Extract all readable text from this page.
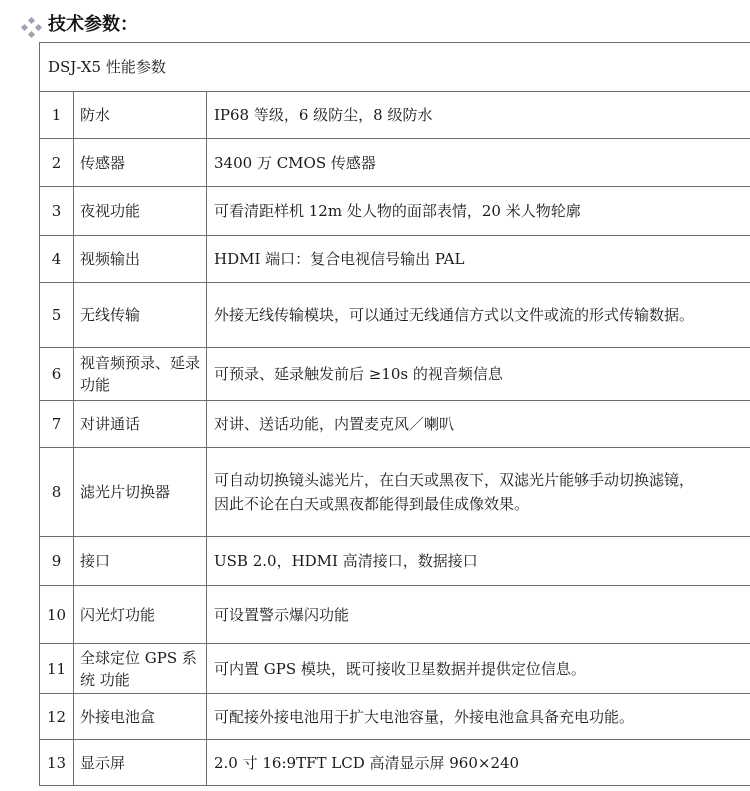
技术参数：
DSJ-X5 性能参数		
1	防水	IP68 等级，6 级防尘，8 级防水
2	传感器	3400 万 CMOS 传感器
3	夜视功能	可看清距样机 12m 处人物的面部表情，20 米人物轮廓
4	视频输出	HDMI 端口：复合电视信号输出 PAL
5	无线传输	外接无线传输模块，可以通过无线通信方式以文件或流的形式传输数据。
6	视音频预录、延录功能	可预录、延录触发前后 ≥10s 的视音频信息
7	对讲通话	对讲、送话功能，内置麦克风／喇叭
8	滤光片切换器	可自动切换镜头滤光片，在白天或黑夜下，双滤光片能够手动切换滤镜，
因此不论在白天或黑夜都能得到最佳成像效果。

9	接口	USB 2.0，HDMI 高清接口，数据接口
10	闪光灯功能	可设置警示爆闪功能
11	全球定位 GPS 系统 功能	可内置 GPS 模块，既可接收卫星数据并提供定位信息。
12	外接电池盒	可配接外接电池用于扩大电池容量，外接电池盒具备充电功能。
13	显示屏	2.0 寸 16:9TFT LCD 高清显示屏 960×240
